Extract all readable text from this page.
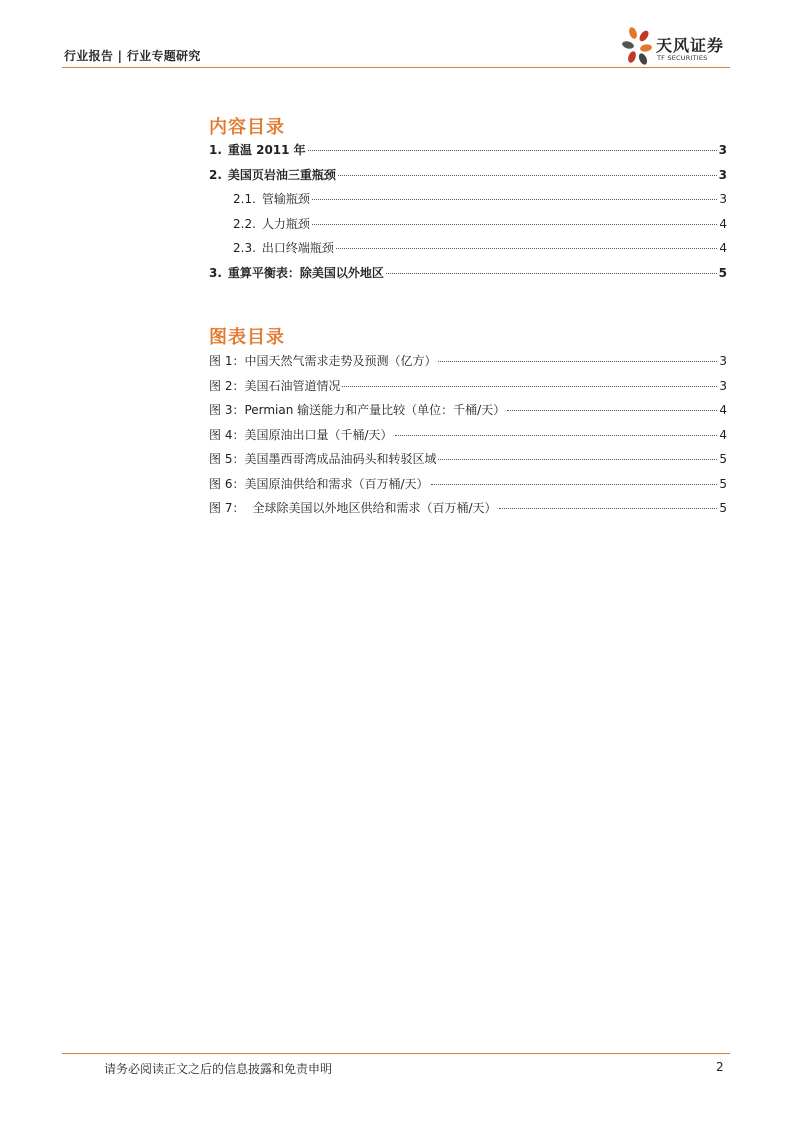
行业报告 | 行业专题研究
天风证券
TF SECURITIES
内容目录
1. 重温 2011 年	3
2. 美国页岩油三重瓶颈	3
2.1. 管输瓶颈	3
2.2. 人力瓶颈	4
2.3. 出口终端瓶颈	4
3. 重算平衡表：除美国以外地区	5
图表目录
图 1： 中国天然气需求走势及预测（亿方）	3
图 2： 美国石油管道情况	3
图 3： Permian 输送能力和产量比较（单位：千桶/天）	4
图 4： 美国原油出口量（千桶/天）	4
图 5： 美国墨西哥湾成品油码头和转驳区域	5
图 6： 美国原油供给和需求（百万桶/天）	5
图 7： 全球除美国以外地区供给和需求（百万桶/天）	5
请务必阅读正文之后的信息披露和免责申明	2
